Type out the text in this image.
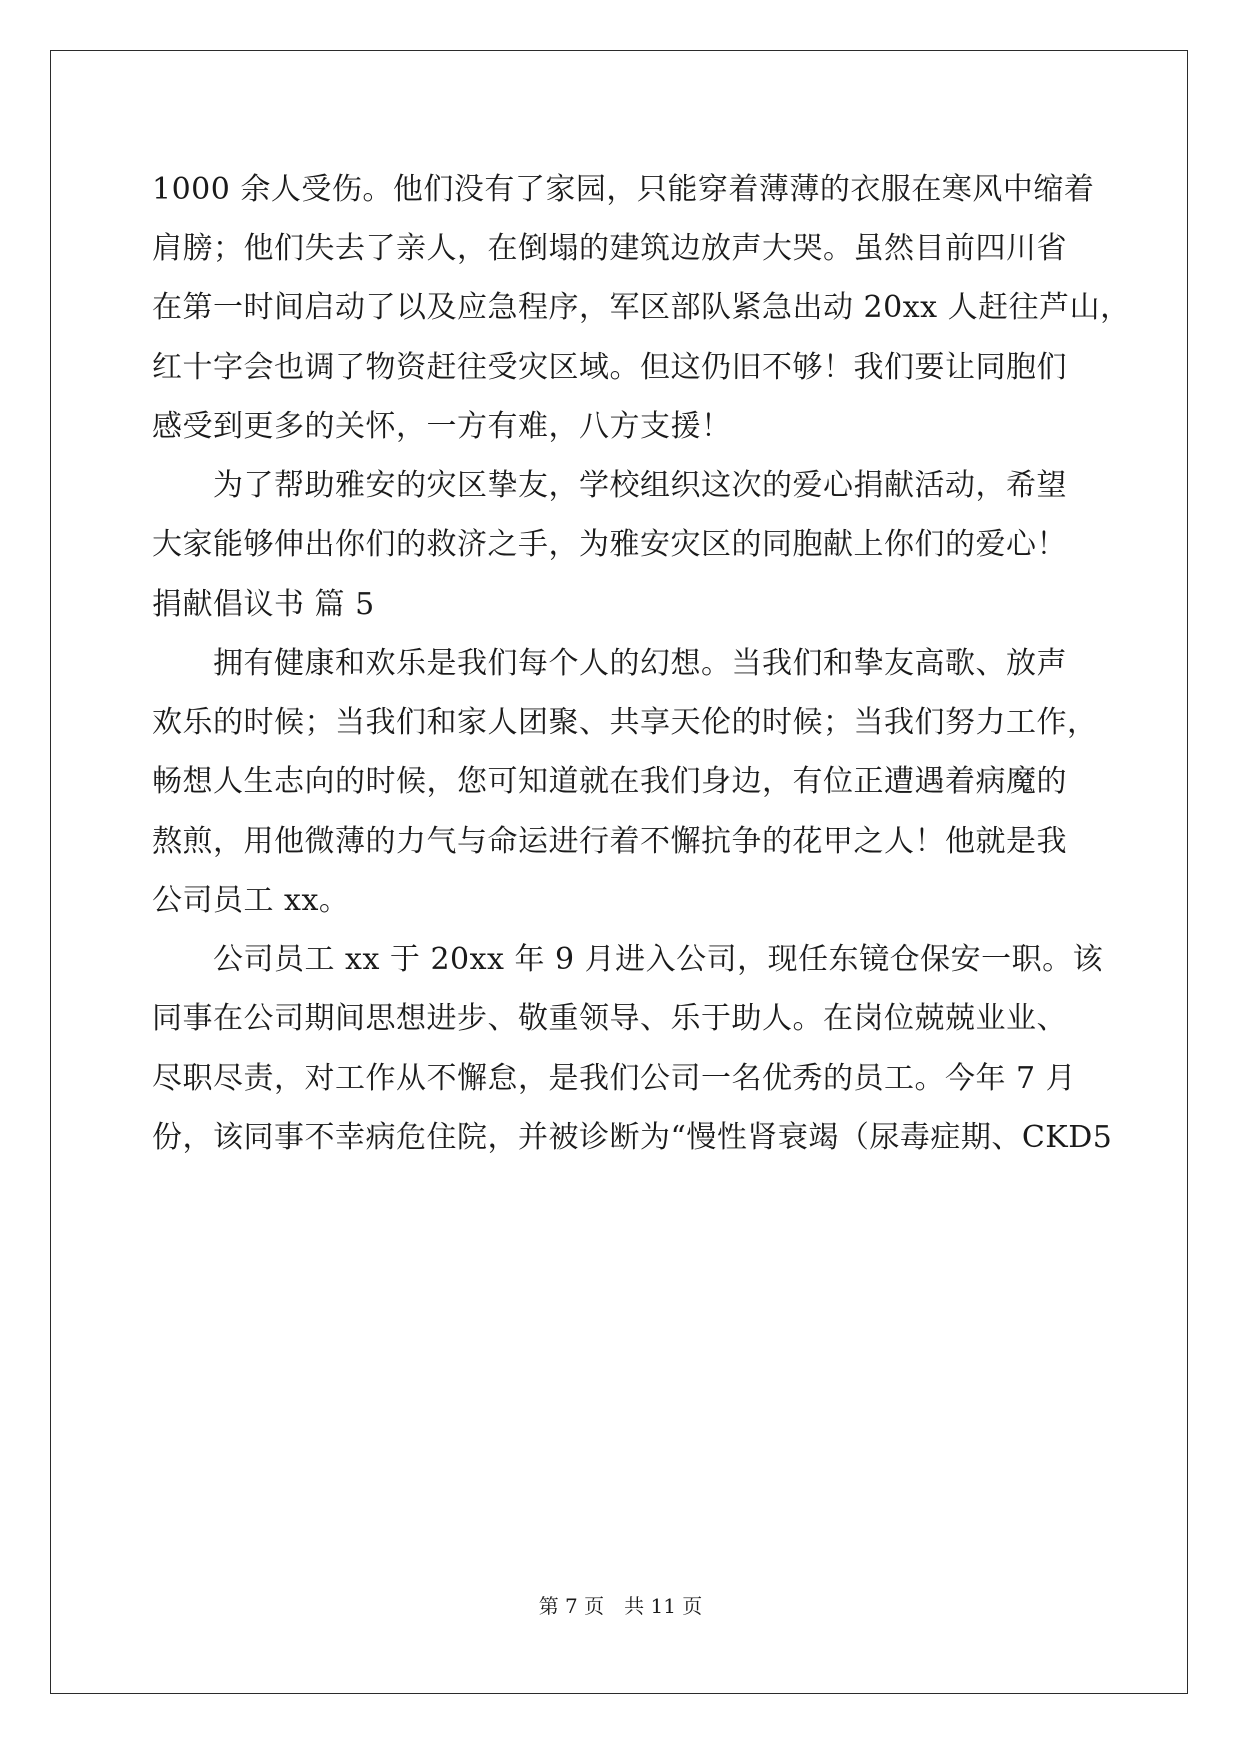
1000 余人受伤。他们没有了家园，只能穿着薄薄的衣服在寒风中缩着

肩膀；他们失去了亲人，在倒塌的建筑边放声大哭。虽然目前四川省

在第一时间启动了以及应急程序，军区部队紧急出动 20xx 人赶往芦山，

红十字会也调了物资赶往受灾区域。但这仍旧不够！我们要让同胞们

感受到更多的关怀，一方有难，八方支援！

　　为了帮助雅安的灾区挚友，学校组织这次的爱心捐献活动，希望

大家能够伸出你们的救济之手，为雅安灾区的同胞献上你们的爱心！

捐献倡议书 篇 5

　　拥有健康和欢乐是我们每个人的幻想。当我们和挚友高歌、放声

欢乐的时候；当我们和家人团聚、共享天伦的时候；当我们努力工作，

畅想人生志向的时候，您可知道就在我们身边，有位正遭遇着病魔的

熬煎，用他微薄的力气与命运进行着不懈抗争的花甲之人！他就是我

公司员工 xx。

　　公司员工 xx 于 20xx 年 9 月进入公司，现任东镜仓保安一职。该

同事在公司期间思想进步、敬重领导、乐于助人。在岗位兢兢业业、

尽职尽责，对工作从不懈怠，是我们公司一名优秀的员工。今年 7 月

份，该同事不幸病危住院，并被诊断为“慢性肾衰竭（尿毒症期、CKD5

第 7 页　共 11 页
